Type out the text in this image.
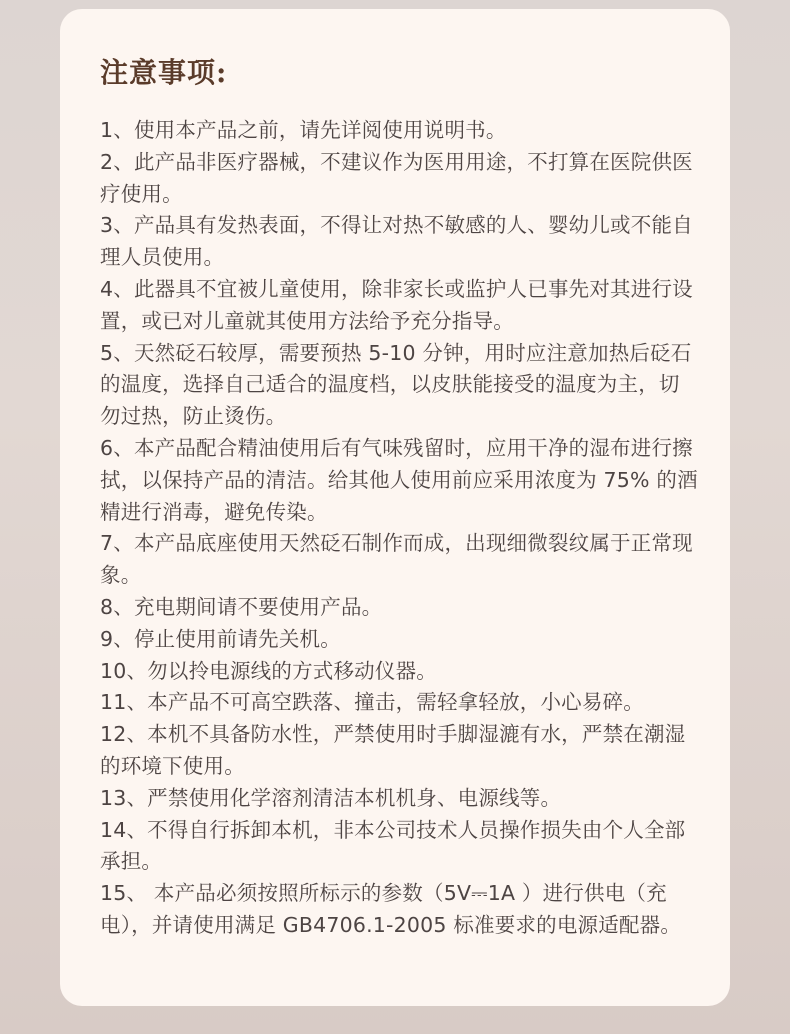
注意事项:
1、使用本产品之前，请先详阅使用说明书。
2、此产品非医疗器械，不建议作为医用用途，不打算在医院供医疗使用。
3、产品具有发热表面，不得让对热不敏感的人、婴幼儿或不能自理人员使用。
4、此器具不宜被儿童使用，除非家长或监护人已事先对其进行设置，或已对儿童就其使用方法给予充分指导。
5、天然砭石较厚，需要预热 5-10 分钟，用时应注意加热后砭石的温度，选择自己适合的温度档，以皮肤能接受的温度为主，切勿过热，防止烫伤。
6、本产品配合精油使用后有气味残留时，应用干净的湿布进行擦拭，以保持产品的清洁。给其他人使用前应采用浓度为 75% 的酒精进行消毒，避免传染。
7、本产品底座使用天然砭石制作而成，出现细微裂纹属于正常现象。
8、充电期间请不要使用产品。
9、停止使用前请先关机。
10、勿以拎电源线的方式移动仪器。
11、本产品不可高空跌落、撞击，需轻拿轻放，小心易碎。
12、本机不具备防水性，严禁使用时手脚湿漉有水，严禁在潮湿的环境下使用。
13、严禁使用化学溶剂清洁本机机身、电源线等。
14、不得自行拆卸本机，非本公司技术人员操作损失由个人全部承担。
15、 本产品必须按照所标示的参数（5V⎓1A ）进行供电（充电），并请使用满足 GB4706.1-2005 标准要求的电源适配器。
